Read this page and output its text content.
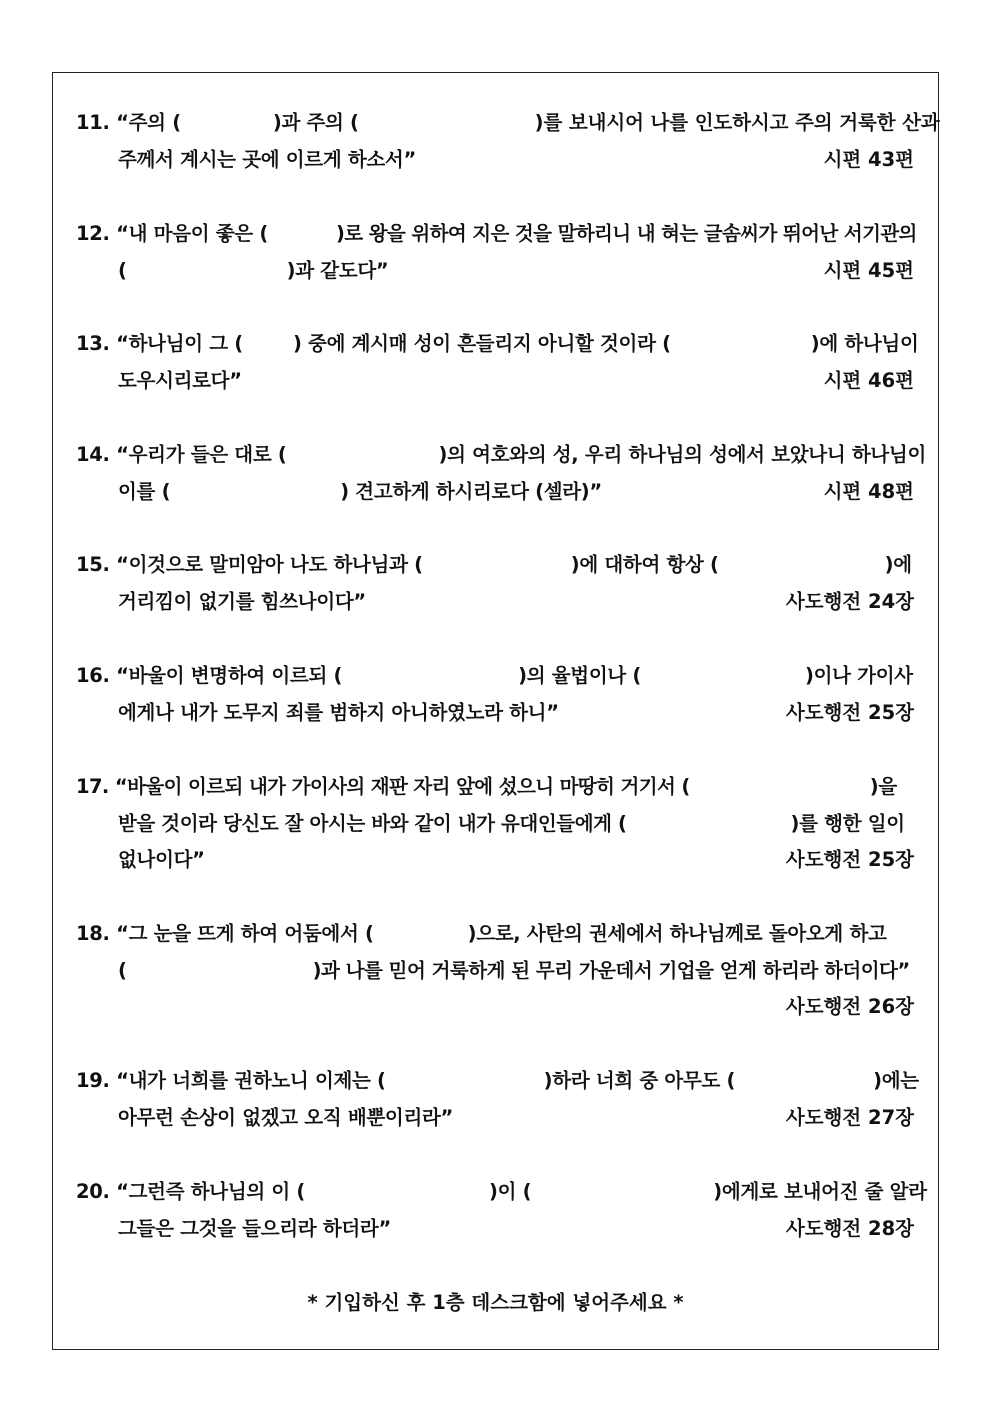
11. “주의 (	)과 주의 (	)를 보내시어 나를 인도하시고 주의 거룩한 산과
주께서 계시는 곳에 이르게 하소서”	시편 43편
12. “내 마음이 좋은 (	)로 왕을 위하여 지은 것을 말하리니 내 혀는 글솜씨가 뛰어난 서기관의
(	)과 같도다”	시편 45편
13. “하나님이 그 (	) 중에 계시매 성이 흔들리지 아니할 것이라 (	)에 하나님이
도우시리로다”	시편 46편
14. “우리가 들은 대로 (	)의 여호와의 성, 우리 하나님의 성에서 보았나니 하나님이
이를 (	) 견고하게 하시리로다 (셀라)”	시편 48편
15. “이것으로 말미암아 나도 하나님과 (	)에 대하여 항상 (	)에
거리낌이 없기를 힘쓰나이다”	사도행전 24장
16. “바울이 변명하여 이르되 (	)의 율법이나 (	)이나 가이사
에게나 내가 도무지 죄를 범하지 아니하였노라 하니”	사도행전 25장
17. “바울이 이르되 내가 가이사의 재판 자리 앞에 섰으니 마땅히 거기서 (	)을
받을 것이라 당신도 잘 아시는 바와 같이 내가 유대인들에게 (	)를 행한 일이
없나이다”	사도행전 25장
18. “그 눈을 뜨게 하여 어둠에서 (	)으로, 사탄의 권세에서 하나님께로 돌아오게 하고
(	)과 나를 믿어 거룩하게 된 무리 가운데서 기업을 얻게 하리라 하더이다”
사도행전 26장
19. “내가 너희를 권하노니 이제는 (	)하라 너희 중 아무도 (	)에는
아무런 손상이 없겠고 오직 배뿐이리라”	사도행전 27장
20. “그런즉 하나님의 이 (	)이 (	)에게로 보내어진 줄 알라
그들은 그것을 들으리라 하더라”	사도행전 28장
* 기입하신 후 1층 데스크함에 넣어주세요 *
